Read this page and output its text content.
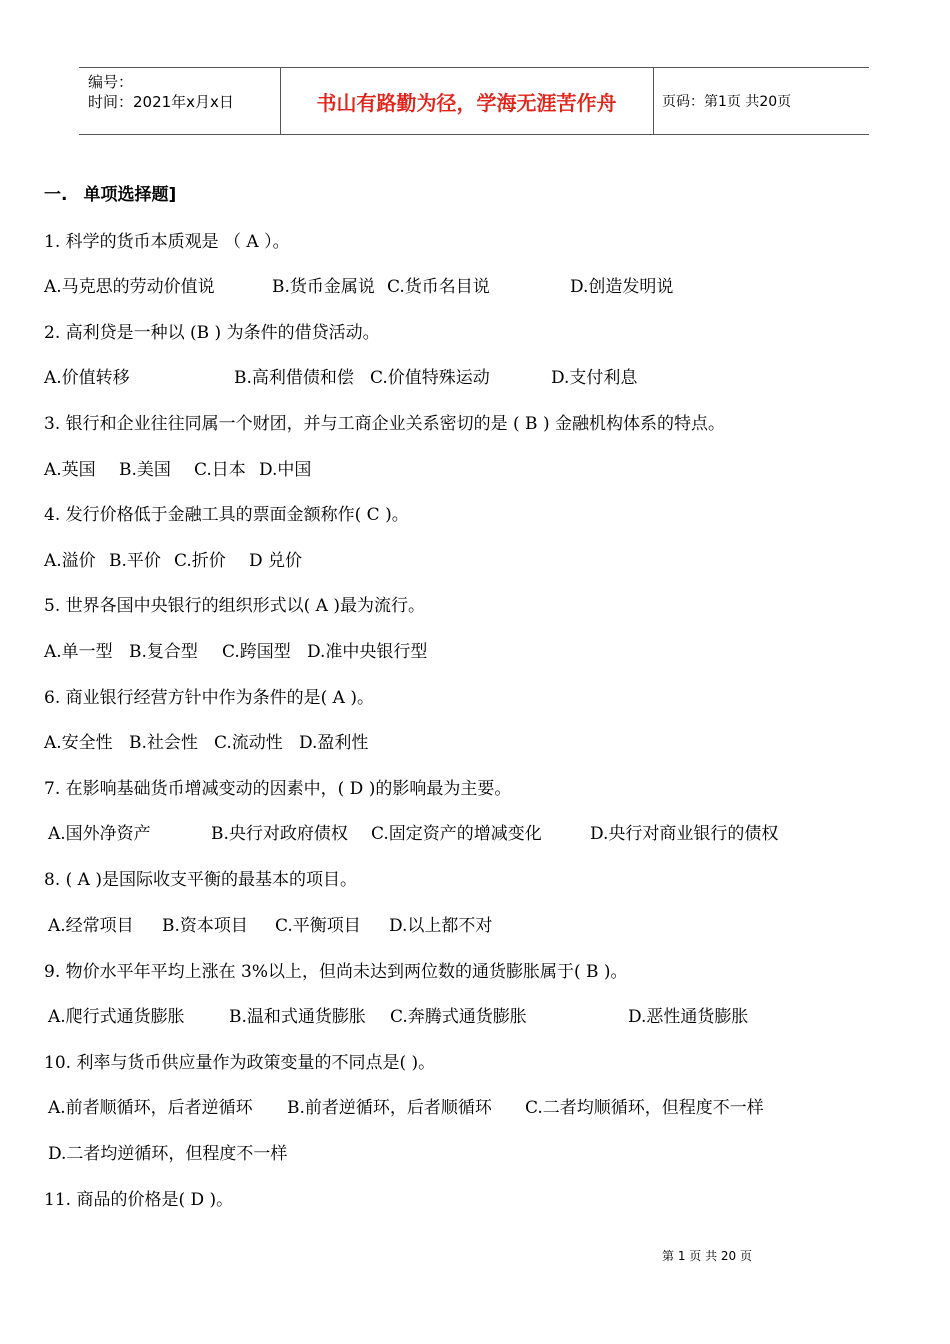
编号：
时间：2021年x月x日	书山有路勤为径，学海无涯苦作舟	页码：第1页 共20页
一. 单项选择题]
1. 科学的货币本质观是 （ A ）。
A.马克思的劳动价值说	B.货币金属说 C.货币名目说	D.创造发明说
2. 高利贷是一种以 (B ) 为条件的借贷活动。
A.价值转移	B.高利借债和偿 C.价值特殊运动	D.支付利息
3. 银行和企业往往同属一个财团，并与工商企业关系密切的是 ( B ) 金融机构体系的特点。
A.英国 B.美国 C.日本 D.中国
4. 发行价格低于金融工具的票面金额称作( C )。
A.溢价 B.平价 C.折价 D 兑价
5. 世界各国中央银行的组织形式以( A )最为流行。
A.单一型 B.复合型 C.跨国型 D.准中央银行型
6. 商业银行经营方针中作为条件的是( A )。
A.安全性 B.社会性 C.流动性 D.盈利性
7. 在影响基础货币增减变动的因素中，( D )的影响最为主要。
A.国外净资产	B.央行对政府债权 C.固定资产的增减变化	D.央行对商业银行的债权
8. ( A )是国际收支平衡的最基本的项目。
A.经常项目 B.资本项目 C.平衡项目 D.以上都不对
9. 物价水平年平均上涨在 3%以上，但尚未达到两位数的通货膨胀属于( B )。
A.爬行式通货膨胀	B.温和式通货膨胀 C.奔腾式通货膨胀	D.恶性通货膨胀
10. 利率与货币供应量作为政策变量的不同点是( )。
A.前者顺循环，后者逆循环 B.前者逆循环，后者顺循环 C.二者均顺循环，但程度不一样
D.二者均逆循环，但程度不一样
11. 商品的价格是( D )。
第 1 页 共 20 页
